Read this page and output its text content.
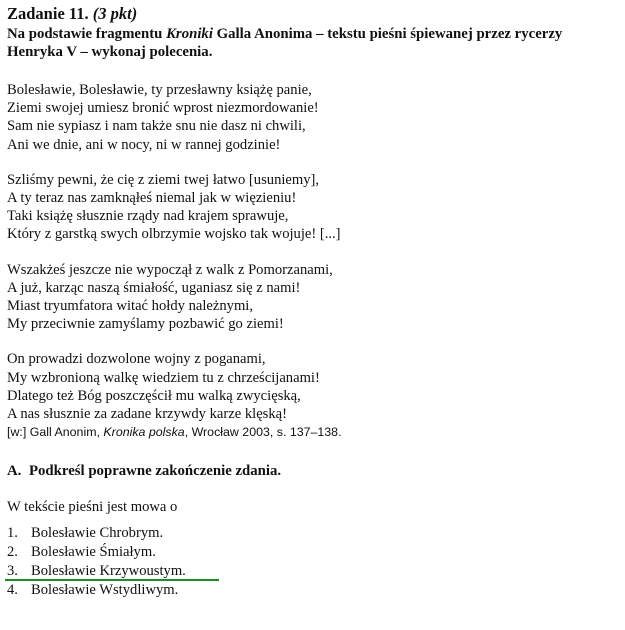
Zadanie 11. (3 pkt)

Na podstawie fragmentu Kroniki Galla Anonima – tekstu pieśni śpiewanej przez rycerzy Henryka V – wykonaj polecenia.

Bolesławie, Bolesławie, ty przesławny książę panie,
Ziemi swojej umiesz bronić wprost niezmordowanie!
Sam nie sypiasz i nam także snu nie dasz ni chwili,
Ani we dnie, ani w nocy, ni w rannej godzinie!
Szliśmy pewni, że cię z ziemi twej łatwo [usuniemy],
A ty teraz nas zamknąłeś niemal jak w więzieniu!
Taki książę słusznie rządy nad krajem sprawuje,
Który z garstką swych olbrzymie wojsko tak wojuje! [...]
Wszakżeś jeszcze nie wypoczął z walk z Pomorzanami,
A już, karząc naszą śmiałość, uganiasz się z nami!
Miast tryumfatora witać hołdy należnymi,
My przeciwnie zamyślamy pozbawić go ziemi!
On prowadzi dozwolone wojny z poganami,
My wzbronioną walkę wiedziem tu z chrześcijanami!
Dlatego też Bóg poszczęścił mu walką zwycięską,
A nas słusznie za zadane krzywdy karze klęską!
[w:] Gall Anonim, Kronika polska, Wrocław 2003, s. 137–138.
A. Podkreśl poprawne zakończenie zdania.
W tekście pieśni jest mowa o
1. Bolesławie Chrobrym.
2. Bolesławie Śmiałym.
3. Bolesławie Krzywoustym.
4. Bolesławie Wstydliwym.
